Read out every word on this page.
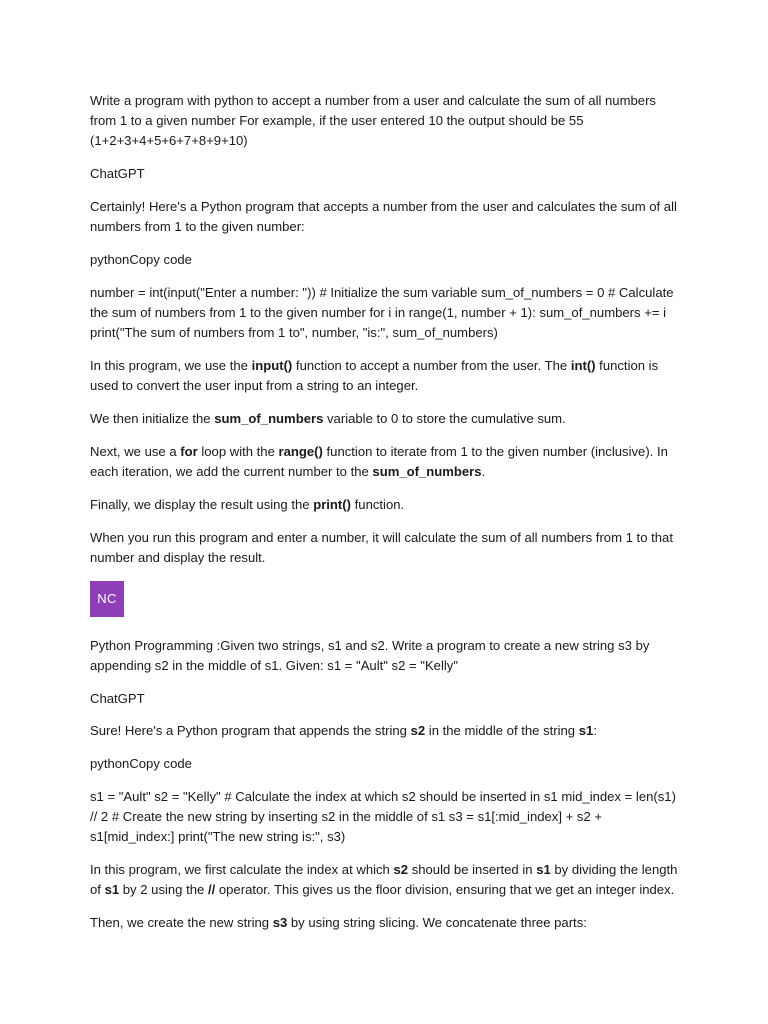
Write a program with python to accept a number from a user and calculate the sum of all numbers from 1 to a given number For example, if the user entered 10 the output should be 55 (1+2+3+4+5+6+7+8+9+10)

ChatGPT

Certainly! Here's a Python program that accepts a number from the user and calculates the sum of all numbers from 1 to the given number:

pythonCopy code

number = int(input("Enter a number: ")) # Initialize the sum variable sum_of_numbers = 0 # Calculate the sum of numbers from 1 to the given number for i in range(1, number + 1): sum_of_numbers += i print("The sum of numbers from 1 to", number, "is:", sum_of_numbers)

In this program, we use the input() function to accept a number from the user. The int() function is used to convert the user input from a string to an integer.

We then initialize the sum_of_numbers variable to 0 to store the cumulative sum.

Next, we use a for loop with the range() function to iterate from 1 to the given number (inclusive). In each iteration, we add the current number to the sum_of_numbers.

Finally, we display the result using the print() function.

When you run this program and enter a number, it will calculate the sum of all numbers from 1 to that number and display the result.

NC

Python Programming :Given two strings, s1 and s2. Write a program to create a new string s3 by appending s2 in the middle of s1. Given: s1 = "Ault" s2 = "Kelly"

ChatGPT

Sure! Here's a Python program that appends the string s2 in the middle of the string s1:

pythonCopy code

s1 = "Ault" s2 = "Kelly" # Calculate the index at which s2 should be inserted in s1 mid_index = len(s1) // 2 # Create the new string by inserting s2 in the middle of s1 s3 = s1[:mid_index] + s2 + s1[mid_index:] print("The new string is:", s3)

In this program, we first calculate the index at which s2 should be inserted in s1 by dividing the length of s1 by 2 using the // operator. This gives us the floor division, ensuring that we get an integer index.

Then, we create the new string s3 by using string slicing. We concatenate three parts:
